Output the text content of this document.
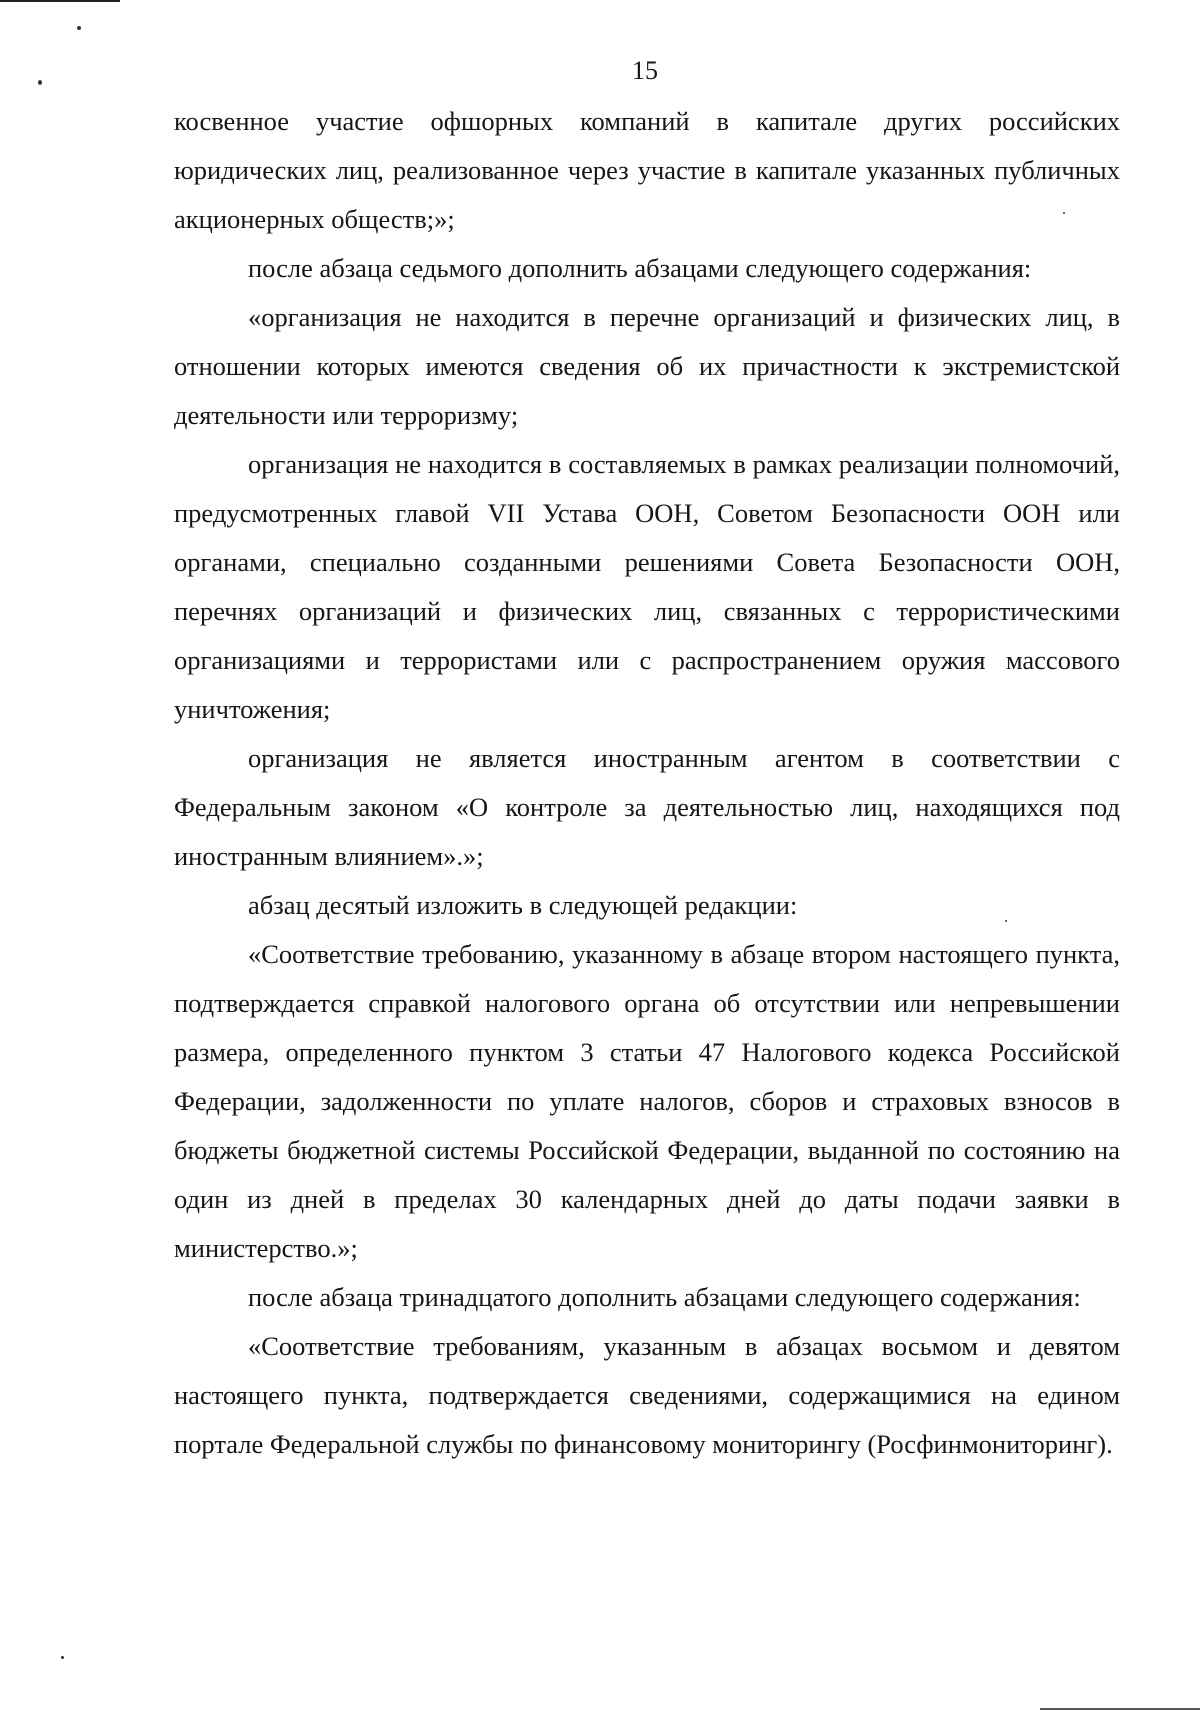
15

косвенное участие офшорных компаний в капитале других российских юридических лиц, реализованное через участие в капитале указанных публичных акционерных обществ;»;

после абзаца седьмого дополнить абзацами следующего содержания:

«организация не находится в перечне организаций и физических лиц, в отношении которых имеются сведения об их причастности к экстремистской деятельности или терроризму;

организация не находится в составляемых в рамках реализации полномочий, предусмотренных главой VII Устава ООН, Советом Безопасности ООН или органами, специально созданными решениями Совета Безопасности ООН, перечнях организаций и физических лиц, связанных с террористическими организациями и террористами или с распространением оружия массового уничтожения;

организация не является иностранным агентом в соответствии с Федеральным законом «О контроле за деятельностью лиц, находящихся под иностранным влиянием».»;

абзац десятый изложить в следующей редакции:

«Соответствие требованию, указанному в абзаце втором настоящего пункта, подтверждается справкой налогового органа об отсутствии или непревышении размера, определенного пунктом 3 статьи 47 Налогового кодекса Российской Федерации, задолженности по уплате налогов, сборов и страховых взносов в бюджеты бюджетной системы Российской Федерации, выданной по состоянию на один из дней в пределах 30 календарных дней до даты подачи заявки в министерство.»;

после абзаца тринадцатого дополнить абзацами следующего содержания:

«Соответствие требованиям, указанным в абзацах восьмом и девятом настоящего пункта, подтверждается сведениями, содержащимися на едином портале Федеральной службы по финансовому мониторингу (Росфинмониторинг).
